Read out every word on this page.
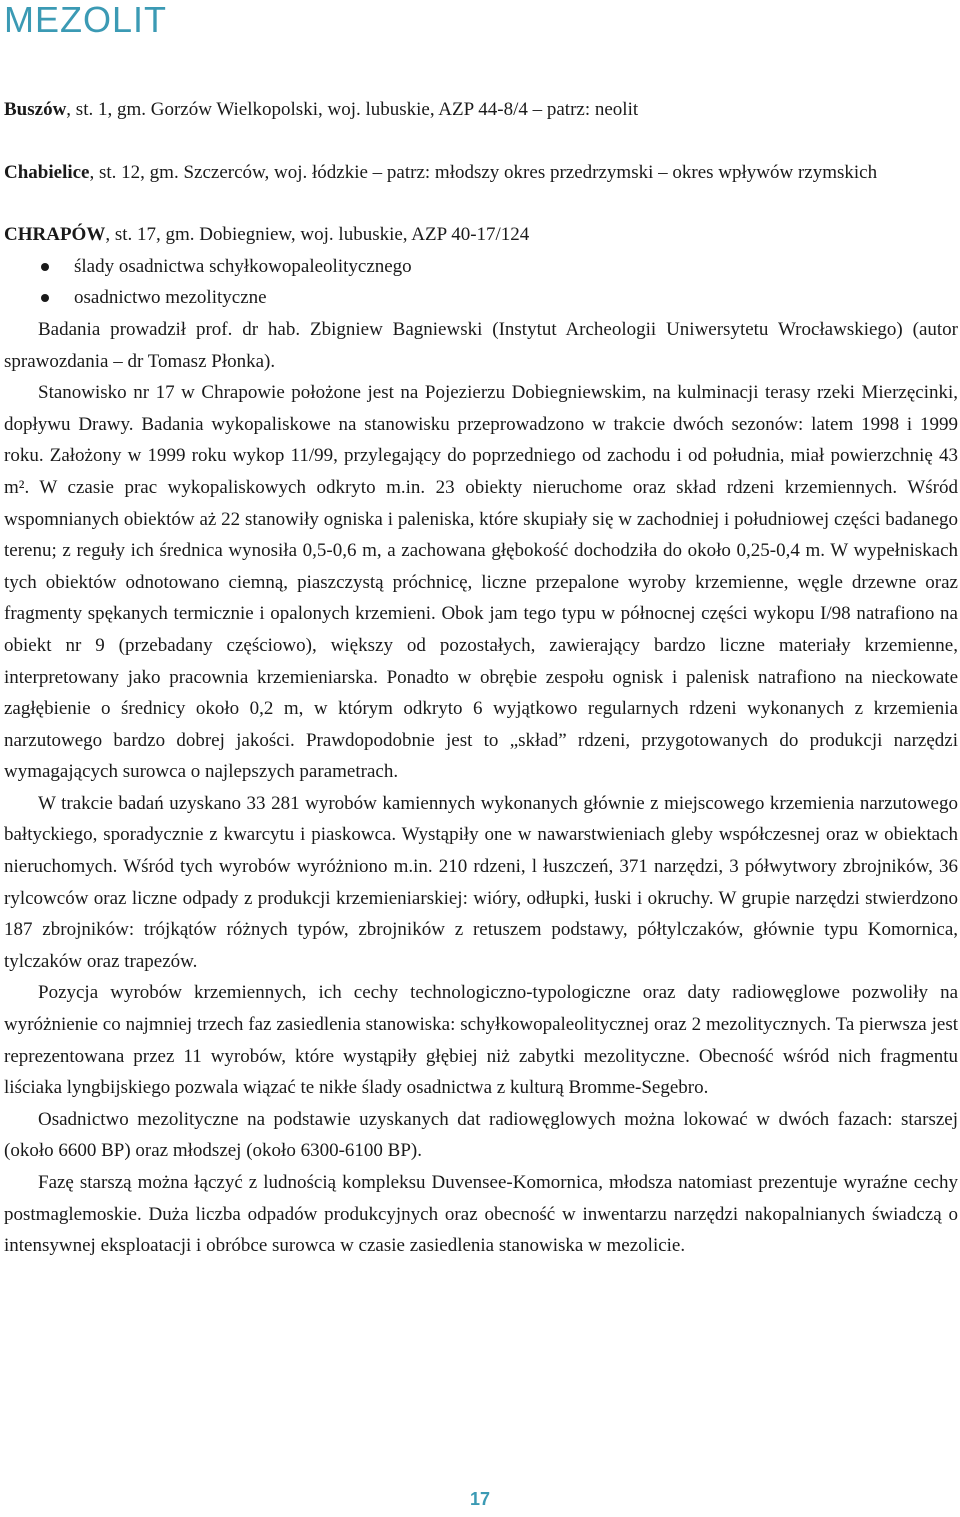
MEZOLIT

Buszów, st. 1, gm. Gorzów Wielkopolski, woj. lubuskie, AZP 44-8/4 – patrz: neolit

Chabielice, st. 12, gm. Szczerców, woj. łódzkie – patrz: młodszy okres przedrzymski – okres wpływów rzymskich

CHRAPÓW, st. 17, gm. Dobiegniew, woj. lubuskie, AZP 40-17/124

ślady osadnictwa schyłkowopaleolitycznego
osadnictwo mezolityczne

Badania prowadził prof. dr hab. Zbigniew Bagniewski (Instytut Archeologii Uniwersytetu Wrocławskiego) (autor sprawozdania – dr Tomasz Płonka).

Stanowisko nr 17 w Chrapowie położone jest na Pojezierzu Dobiegniewskim, na kulminacji terasy rzeki Mierzęcinki, dopływu Drawy. Badania wykopaliskowe na stanowisku przeprowadzono w trakcie dwóch sezonów: latem 1998 i 1999 roku. Założony w 1999 roku wykop 11/99, przylegający do poprzedniego od zachodu i od południa, miał powierzchnię 43 m². W czasie prac wykopaliskowych odkryto m.in. 23 obiekty nieruchome oraz skład rdzeni krzemiennych. Wśród wspomnianych obiektów aż 22 stanowiły ogniska i paleniska, które skupiały się w zachodniej i południowej części badanego terenu; z reguły ich średnica wynosiła 0,5-0,6 m, a zachowana głębokość dochodziła do około 0,25-0,4 m. W wypełniskach tych obiektów odnotowano ciemną, piaszczystą próchnicę, liczne przepalone wyroby krzemienne, węgle drzewne oraz fragmenty spękanych termicznie i opalonych krzemieni. Obok jam tego typu w północnej części wykopu I/98 natrafiono na obiekt nr 9 (przebadany częściowo), większy od pozostałych, zawierający bardzo liczne materiały krzemienne, interpretowany jako pracownia krzemieniarska. Ponadto w obrębie zespołu ognisk i palenisk natrafiono na nieckowate zagłębienie o średnicy około 0,2 m, w którym odkryto 6 wyjątkowo regularnych rdzeni wykonanych z krzemienia narzutowego bardzo dobrej jakości. Prawdopodobnie jest to „skład” rdzeni, przygotowanych do produkcji narzędzi wymagających surowca o najlepszych parametrach.

W trakcie badań uzyskano 33 281 wyrobów kamiennych wykonanych głównie z miejscowego krzemienia narzutowego bałtyckiego, sporadycznie z kwarcytu i piaskowca. Wystąpiły one w nawarstwieniach gleby współczesnej oraz w obiektach nieruchomych. Wśród tych wyrobów wyróżniono m.in. 210 rdzeni, l łuszczeń, 371 narzędzi, 3 półwytwory zbrojników, 36 rylcowców oraz liczne odpady z produkcji krzemieniarskiej: wióry, odłupki, łuski i okruchy. W grupie narzędzi stwierdzono 187 zbrojników: trójkątów różnych typów, zbrojników z retuszem podstawy, półtylczaków, głównie typu Komornica, tylczaków oraz trapezów.

Pozycja wyrobów krzemiennych, ich cechy technologiczno-typologiczne oraz daty radiowęglowe pozwoliły na wyróżnienie co najmniej trzech faz zasiedlenia stanowiska: schyłkowopaleolitycznej oraz 2 mezolitycznych. Ta pierwsza jest reprezentowana przez 11 wyrobów, które wystąpiły głębiej niż zabytki mezolityczne. Obecność wśród nich fragmentu liściaka lyngbijskiego pozwala wiązać te nikłe ślady osadnictwa z kulturą Bromme-Segebro.

Osadnictwo mezolityczne na podstawie uzyskanych dat radiowęglowych można lokować w dwóch fazach: starszej (około 6600 BP) oraz młodszej (około 6300-6100 BP).

Fazę starszą można łączyć z ludnością kompleksu Duvensee-Komornica, młodsza natomiast prezentuje wyraźne cechy postmaglemoskie. Duża liczba odpadów produkcyjnych oraz obecność w inwentarzu narzędzi nakopalnianych świadczą o intensywnej eksploatacji i obróbce surowca w czasie zasiedlenia stanowiska w mezolicie.

17
